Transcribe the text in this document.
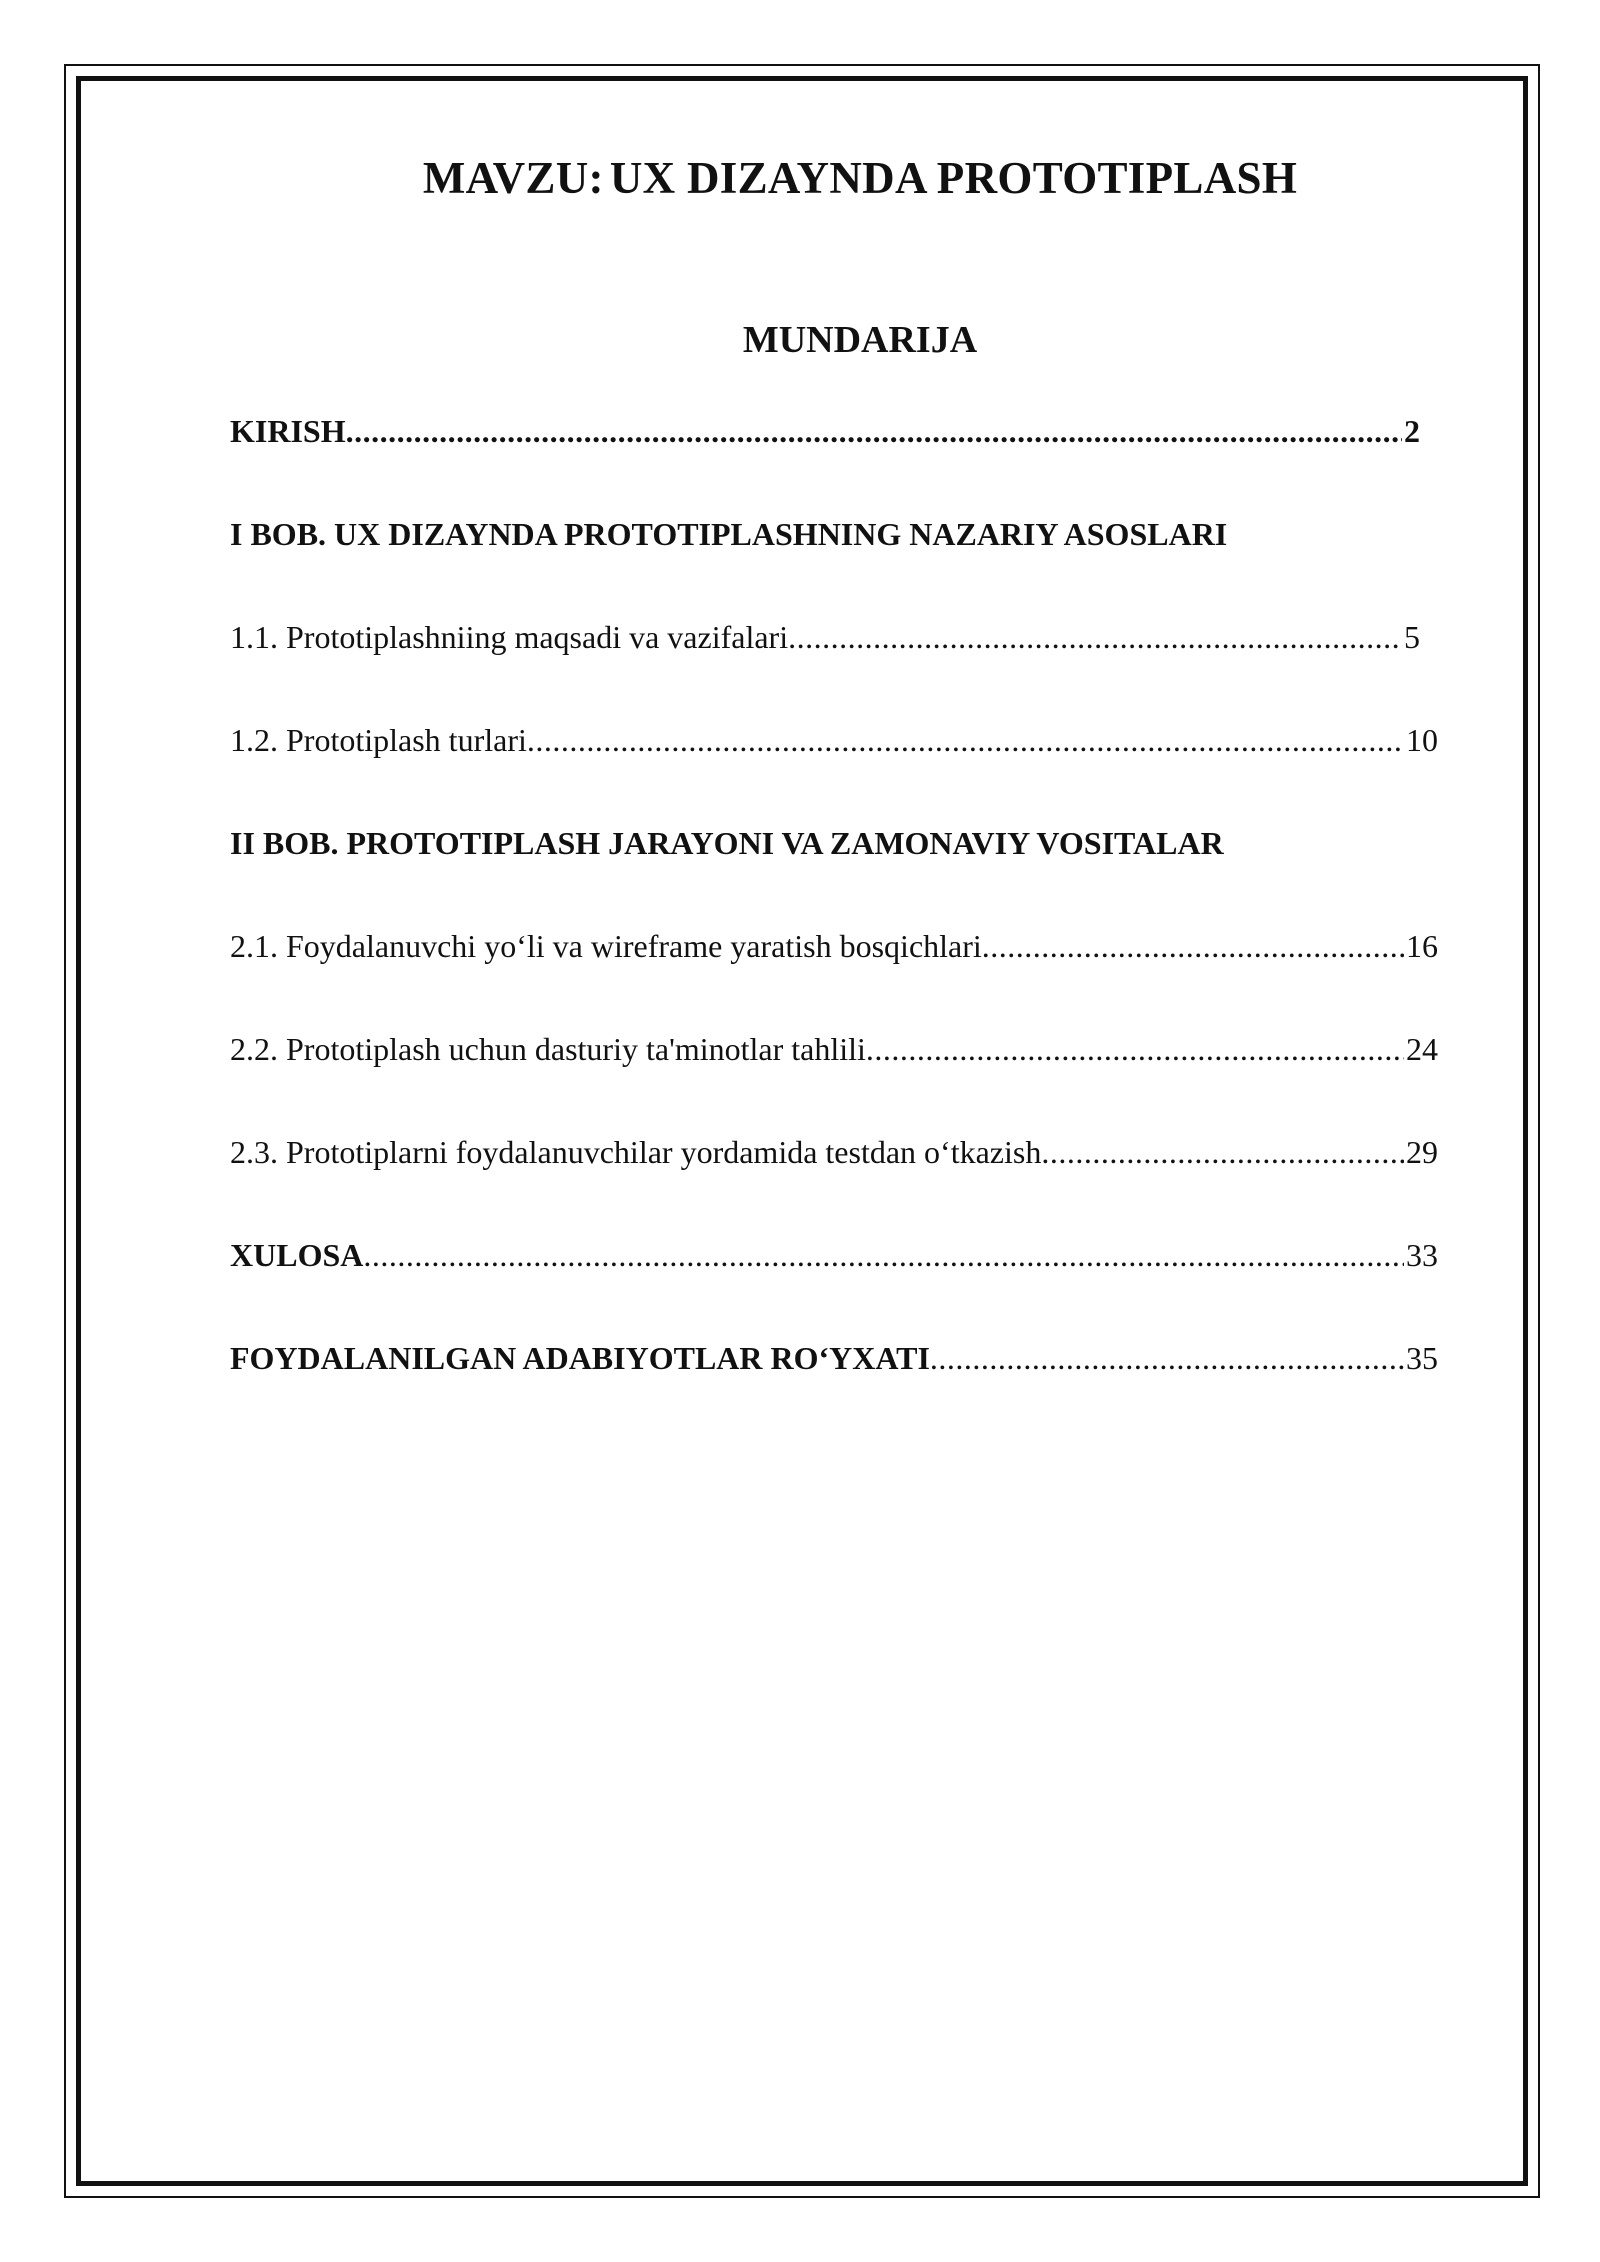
MAVZU: UX DIZAYNDA PROTOTIPLASH
MUNDARIJA
KIRISH .....	2
I BOB. UX DIZAYNDA PROTOTIPLASHNING NAZARIY ASOSLARI
1.1. Prototiplashniing maqsadi va vazifalari .....	5
1.2. Prototiplash turlari .....	10
II BOB. PROTOTIPLASH JARAYONI VA ZAMONAVIY VOSITALAR
2.1. Foydalanuvchi yo‘li va wireframe yaratish bosqichlari .....	16
2.2. Prototiplash uchun dasturiy ta'minotlar tahlili .....	24
2.3. Prototiplarni foydalanuvchilar yordamida testdan o‘tkazish .....	29
XULOSA .....	33
FOYDALANILGAN ADABIYOTLAR RO‘YXATI .....	35
